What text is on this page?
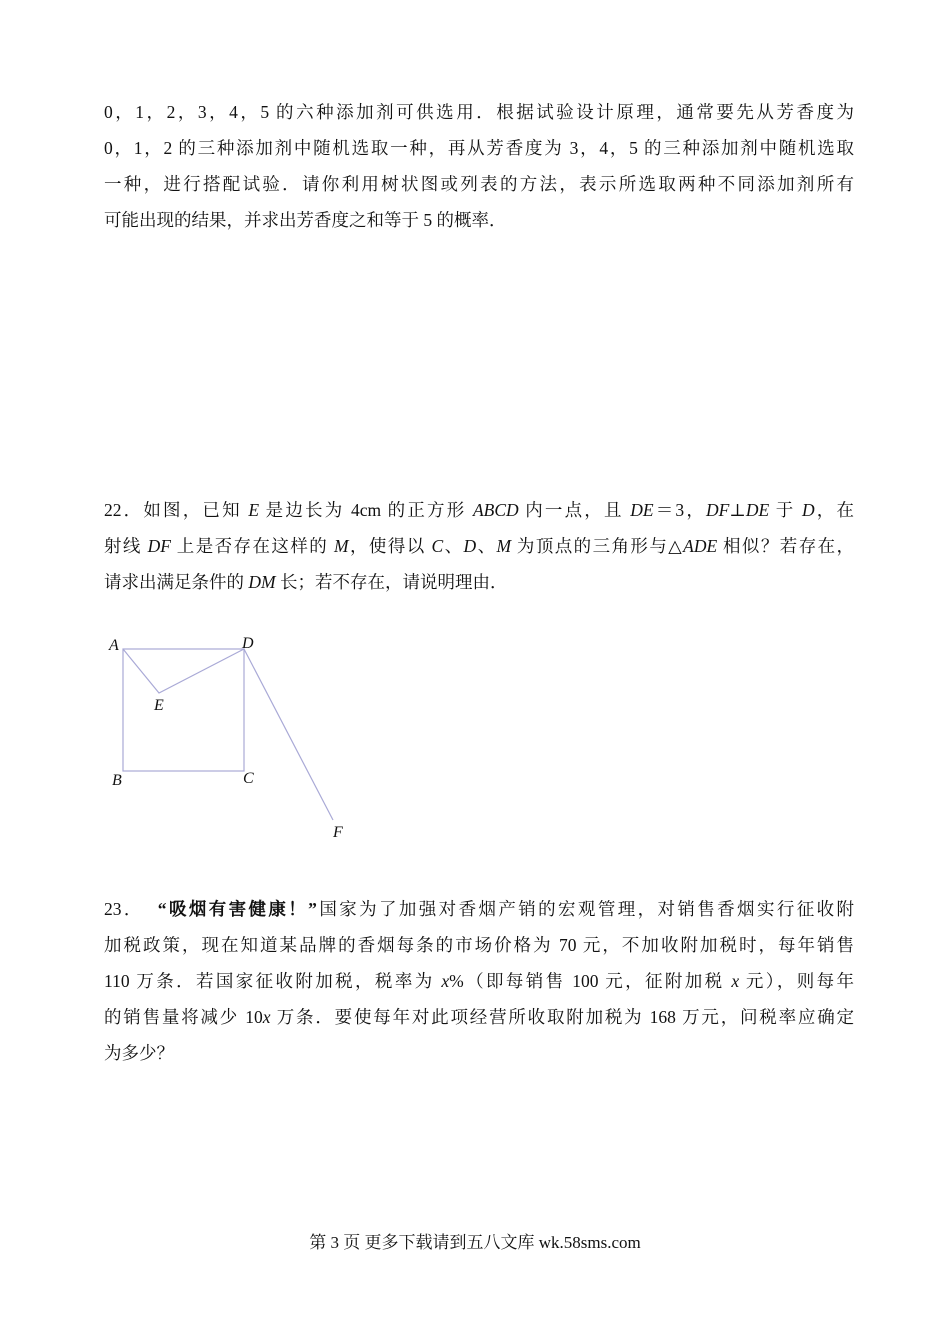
0，1，2，3，4，5 的六种添加剂可供选用．根据试验设计原理，通常要先从芳香度为
0，1，2 的三种添加剂中随机选取一种，再从芳香度为 3，4，5 的三种添加剂中随机选取
一种，进行搭配试验．请你利用树状图或列表的方法，表示所选取两种不同添加剂所有
可能出现的结果，并求出芳香度之和等于 5 的概率．
22．如图，已知 E 是边长为 4cm 的正方形 ABCD 内一点，且 DE＝3，DF⊥DE 于 D，在
射线 DF 上是否存在这样的 M，使得以 C、D、M 为顶点的三角形与△ADE 相似？若存在，
请求出满足条件的 DM 长；若不存在，请说明理由．
A	D
E
B	C
F
23． “吸烟有害健康！”国家为了加强对香烟产销的宏观管理，对销售香烟实行征收附
加税政策，现在知道某品牌的香烟每条的市场价格为 70 元，不加收附加税时，每年销售
110 万条．若国家征收附加税，税率为 x%（即每销售 100 元，征附加税 x 元），则每年
的销售量将减少 10x 万条．要使每年对此项经营所收取附加税为 168 万元，问税率应确定
为多少？
第 3 页 更多下载请到五八文库 wk.58sms.com
